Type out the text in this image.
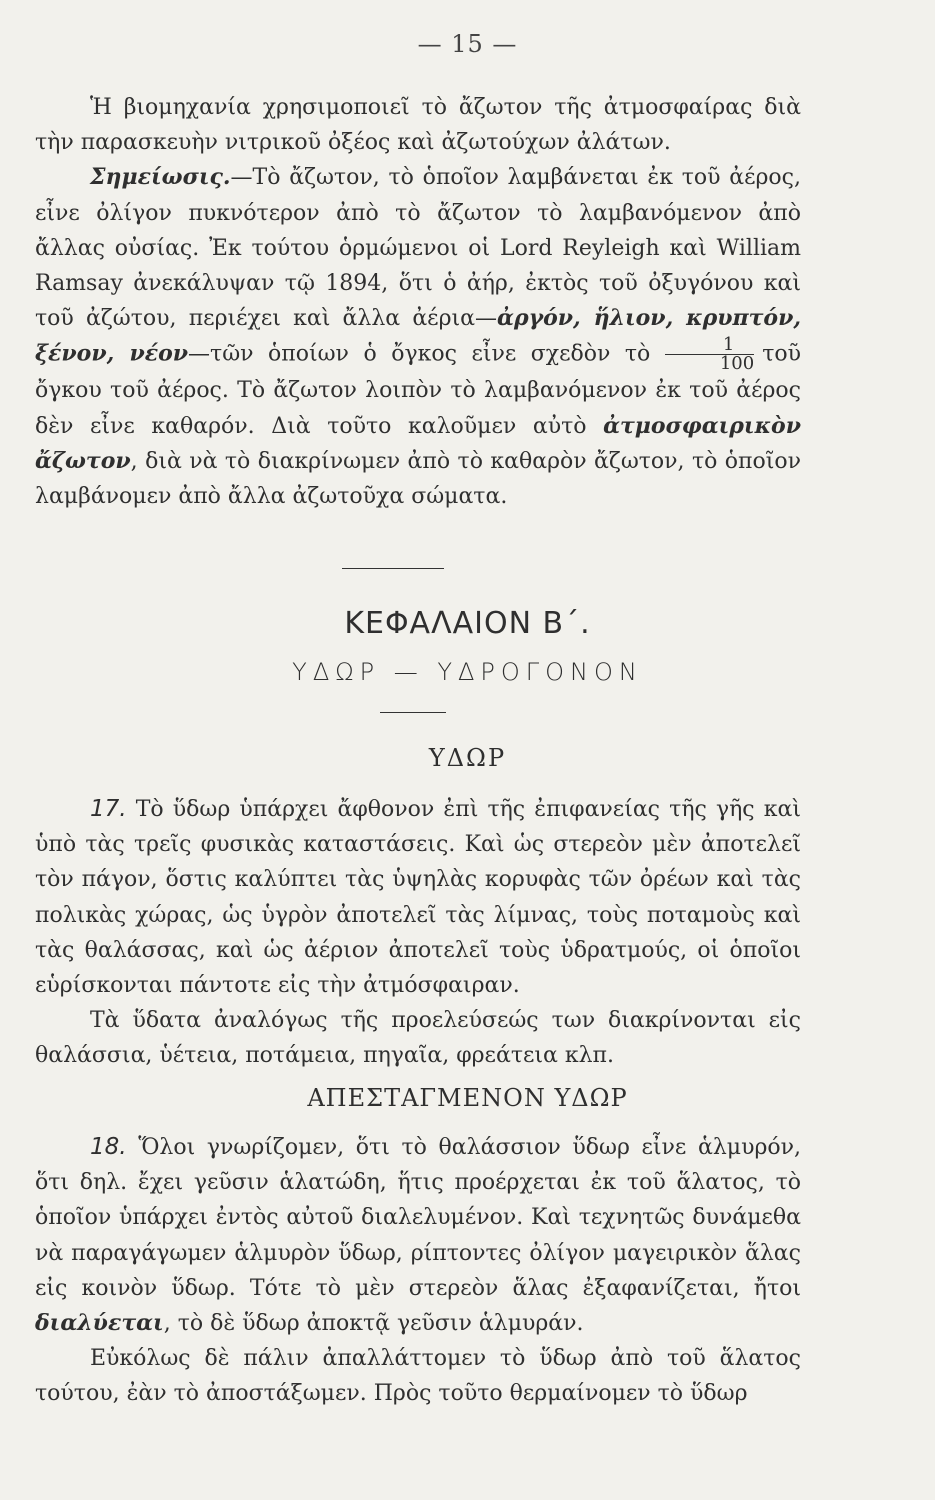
— 15 —

Ἡ βιομηχανία χρησιμοποιεῖ τὸ ἄζωτον τῆς ἀτμοσφαίρας διὰ τὴν παρασκευὴν νιτρικοῦ ὀξέος καὶ ἀζωτούχων ἀλάτων.

Σημείωσις.—Τὸ ἄζωτον, τὸ ὁποῖον λαμβάνεται ἐκ τοῦ ἀέρος, εἶνε ὀλίγον πυκνότερον ἀπὸ τὸ ἄζωτον τὸ λαμβανόμενον ἀπὸ ἄλλας οὐσίας. Ἐκ τούτου ὁρμώμενοι οἱ Lord Reyleigh καὶ William Ramsay ἀνεκάλυψαν τῷ 1894, ὅτι ὁ ἀήρ, ἐκτὸς τοῦ ὀξυγόνου καὶ τοῦ ἀζώτου, περιέχει καὶ ἄλλα ἀέρια—ἀργόν, ἥλιον, κρυπτόν, ξένον, νέον—τῶν ὁποίων ὁ ὄγκος εἶνε σχεδὸν τὸ $\frac{1}{100}$ τοῦ ὄγκου τοῦ ἀέρος. Τὸ ἄζωτον λοιπὸν τὸ λαμβανόμενον ἐκ τοῦ ἀέρος δὲν εἶνε καθαρόν. Διὰ τοῦτο καλοῦμεν αὐτὸ ἀτμοσφαιρικὸν ἄζωτον, διὰ νὰ τὸ διακρίνωμεν ἀπὸ τὸ καθαρὸν ἄζωτον, τὸ ὁποῖον λαμβάνομεν ἀπὸ ἄλλα ἀζωτοῦχα σώματα.

ΚΕΦΑΛΑΙΟΝ Β΄.
ΥΔΩΡ — ΥΔΡΟΓΟΝΟΝ
ΥΔΩΡ

17. Τὸ ὕδωρ ὑπάρχει ἄφθονον ἐπὶ τῆς ἐπιφανείας τῆς γῆς καὶ ὑπὸ τὰς τρεῖς φυσικὰς καταστάσεις. Καὶ ὡς στερεὸν μὲν ἀποτελεῖ τὸν πάγον, ὅστις καλύπτει τὰς ὑψηλὰς κορυφὰς τῶν ὀρέων καὶ τὰς πολικὰς χώρας, ὡς ὑγρὸν ἀποτελεῖ τὰς λίμνας, τοὺς ποταμοὺς καὶ τὰς θαλάσσας, καὶ ὡς ἀέριον ἀποτελεῖ τοὺς ὑδρατμούς, οἱ ὁποῖοι εὑρίσκονται πάντοτε εἰς τὴν ἀτμόσφαιραν.

Τὰ ὕδατα ἀναλόγως τῆς προελεύσεώς των διακρίνονται εἰς θαλάσσια, ὑέτεια, ποτάμεια, πηγαῖα, φρεάτεια κλπ.

ΑΠΕΣΤΑΓΜΕΝΟΝ ΥΔΩΡ

18. Ὅλοι γνωρίζομεν, ὅτι τὸ θαλάσσιον ὕδωρ εἶνε ἁλμυρόν, ὅτι δηλ. ἔχει γεῦσιν ἁλατώδη, ἥτις προέρχεται ἐκ τοῦ ἅλατος, τὸ ὁποῖον ὑπάρχει ἐντὸς αὐτοῦ διαλελυμένον. Καὶ τεχνητῶς δυνάμεθα νὰ παραγάγωμεν ἁλμυρὸν ὕδωρ, ρίπτοντες ὀλίγον μαγειρικὸν ἅλας εἰς κοινὸν ὕδωρ. Τότε τὸ μὲν στερεὸν ἅλας ἐξαφανίζεται, ἤτοι διαλύεται, τὸ δὲ ὕδωρ ἀποκτᾷ γεῦσιν ἁλμυράν.

Εὐκόλως δὲ πάλιν ἀπαλλάττομεν τὸ ὕδωρ ἀπὸ τοῦ ἅλατος τούτου, ἐὰν τὸ ἀποστάξωμεν. Πρὸς τοῦτο θερμαίνομεν τὸ ὕδωρ
